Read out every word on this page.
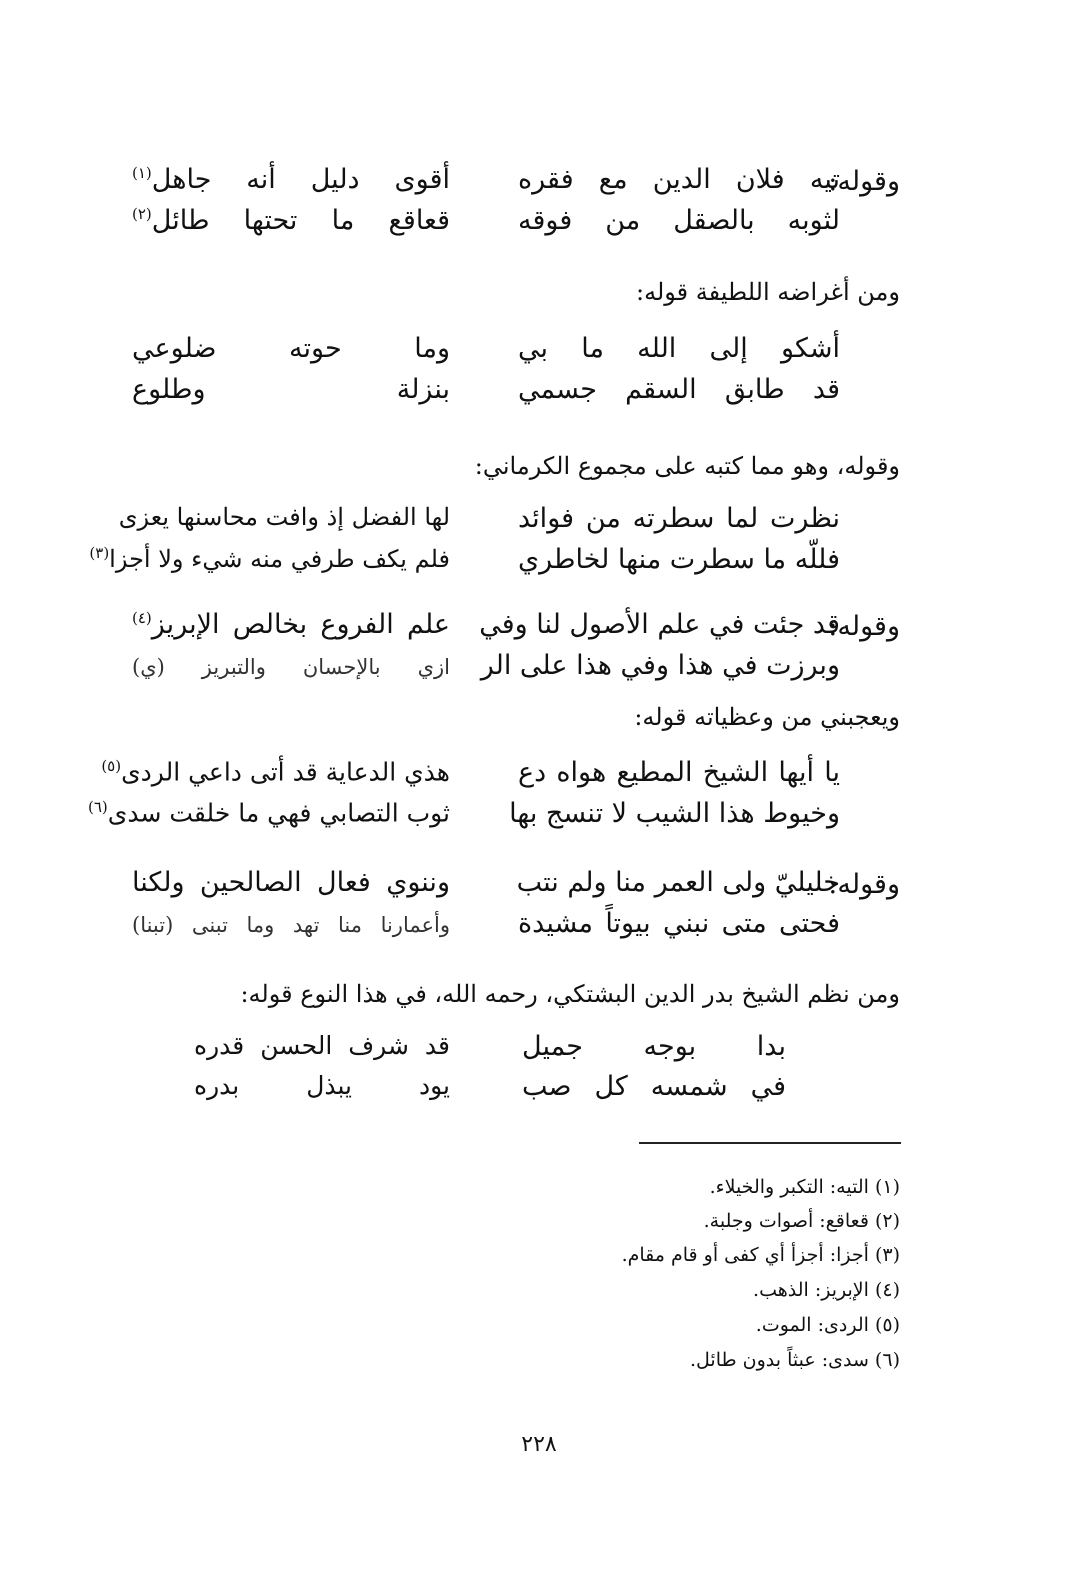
وقوله:
تيه فلان الدين مع فقره
أقوى دليل أنه جاهل$^{(١)}$
لثوبه بالصقل من فوقه
قعاقع ما تحتها طائل$^{(٢)}$
ومن أغراضه اللطيفة قوله:
أشكو إلى الله ما بي
وما حوته ضلوعي
قد طابق السقم جسمي
بنزلة وطلوع
وقوله، وهو مما كتبه على مجموع الكرماني:
نظرت لما سطرته من فوائد
لها الفضل إذ وافت محاسنها يعزى
فللّه ما سطرت منها لخاطري
فلم يكف طرفي منه شيء ولا أجزا$^{(٣)}$
وقوله:
قد جئت في علم الأصول لنا وفي
علم الفروع بخالص الإبريز$^{(٤)}$
وبرزت في هذا وفي هذا على الر
ازي بالإحسان والتبريز (ي)
ويعجبني من وعظياته قوله:
يا أيها الشيخ المطيع هواه دع
هذي الدعاية قد أتى داعي الردى$^{(٥)}$
وخيوط هذا الشيب لا تنسج بها
ثوب التصابي فهي ما خلقت سدى$^{(٦)}$
وقوله:
خليليّ ولى العمر منا ولم نتب
وننوي فعال الصالحين ولكنا
فحتى متى نبني بيوتاً مشيدة
وأعمارنا منا تهد وما تبنى (تبنا)
ومن نظم الشيخ بدر الدين البشتكي، رحمه الله، في هذا النوع قوله:
بدا بوجه جميل
قد شرف الحسن قدره
في شمسه كل صب
يود يبذل بدره
(١) التيه: التكبر والخيلاء.
(٢) قعاقع: أصوات وجلبة.
(٣) أجزا: أجزأ أي كفى أو قام مقام.
(٤) الإبريز: الذهب.
(٥) الردى: الموت.
(٦) سدى: عبثاً بدون طائل.
٢٢٨
